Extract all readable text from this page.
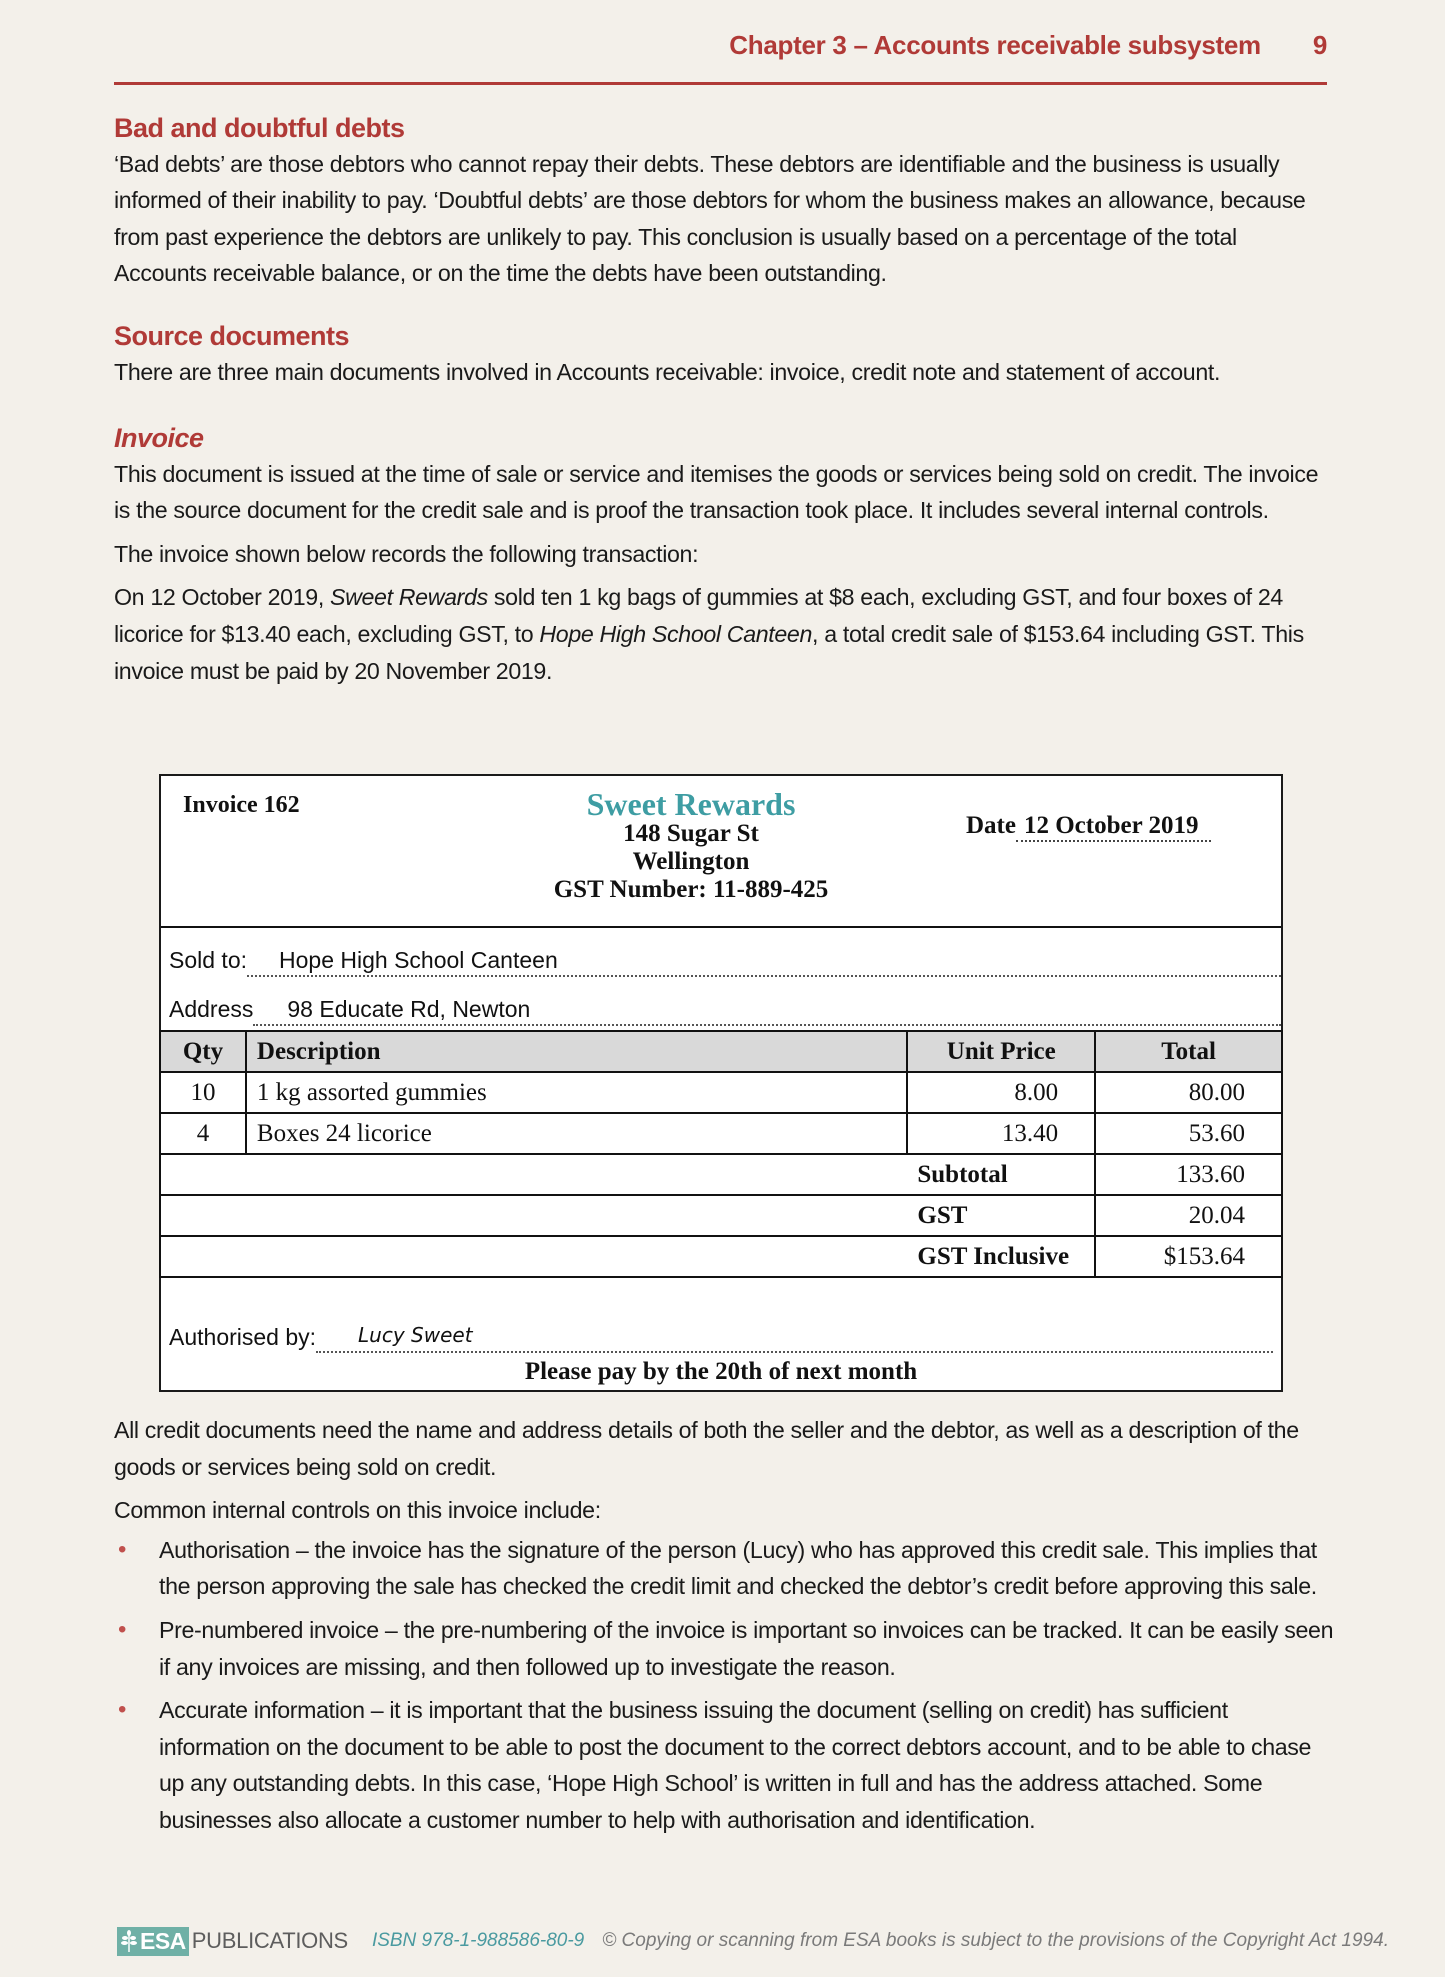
Chapter 3 – Accounts receivable subsystem 9
Bad and doubtful debts

‘Bad debts’ are those debtors who cannot repay their debts. These debtors are identifiable and the business is usually informed of their inability to pay. ‘Doubtful debts’ are those debtors for whom the business makes an allowance, because from past experience the debtors are unlikely to pay. This conclusion is usually based on a percentage of the total Accounts receivable balance, or on the time the debts have been outstanding.

Source documents

There are three main documents involved in Accounts receivable: invoice, credit note and statement of account.

Invoice

This document is issued at the time of sale or service and itemises the goods or services being sold on credit. The invoice is the source document for the credit sale and is proof the transaction took place. It includes several internal controls.

The invoice shown below records the following transaction:

On 12 October 2019, Sweet Rewards sold ten 1 kg bags of gummies at $8 each, excluding GST, and four boxes of 24 licorice for $13.40 each, excluding GST, to Hope High School Canteen, a total credit sale of $153.64 including GST. This invoice must be paid by 20 November 2019.

Invoice 162	Sweet Rewards
148 Sugar St
Wellington
GST Number: 11-889-425
Date 12 October 2019
Sold to:	Hope High School Canteen
Address	98 Educate Rd, Newton
Qty	Description	Unit Price	Total
10	1 kg assorted gummies	8.00	80.00
4	Boxes 24 licorice	13.40	53.60
		Subtotal	133.60
		GST	20.04
		GST Inclusive	$153.64
Authorised by:	Lucy Sweet
Please pay by the 20th of next month

All credit documents need the name and address details of both the seller and the debtor, as well as a description of the goods or services being sold on credit.

Common internal controls on this invoice include:

• Authorisation – the invoice has the signature of the person (Lucy) who has approved this credit sale. This implies that the person approving the sale has checked the credit limit and checked the debtor’s credit before approving this sale.
• Pre-numbered invoice – the pre-numbering of the invoice is important so invoices can be tracked. It can be easily seen if any invoices are missing, and then followed up to investigate the reason.
• Accurate information – it is important that the business issuing the document (selling on credit) has sufficient information on the document to be able to post the document to the correct debtors account, and to be able to chase up any outstanding debts. In this case, ‘Hope High School’ is written in full and has the address attached. Some businesses also allocate a customer number to help with authorisation and identification.
ESA PUBLICATIONS ISBN 978-1-988586-80-9 © Copying or scanning from ESA books is subject to the provisions of the Copyright Act 1994.
